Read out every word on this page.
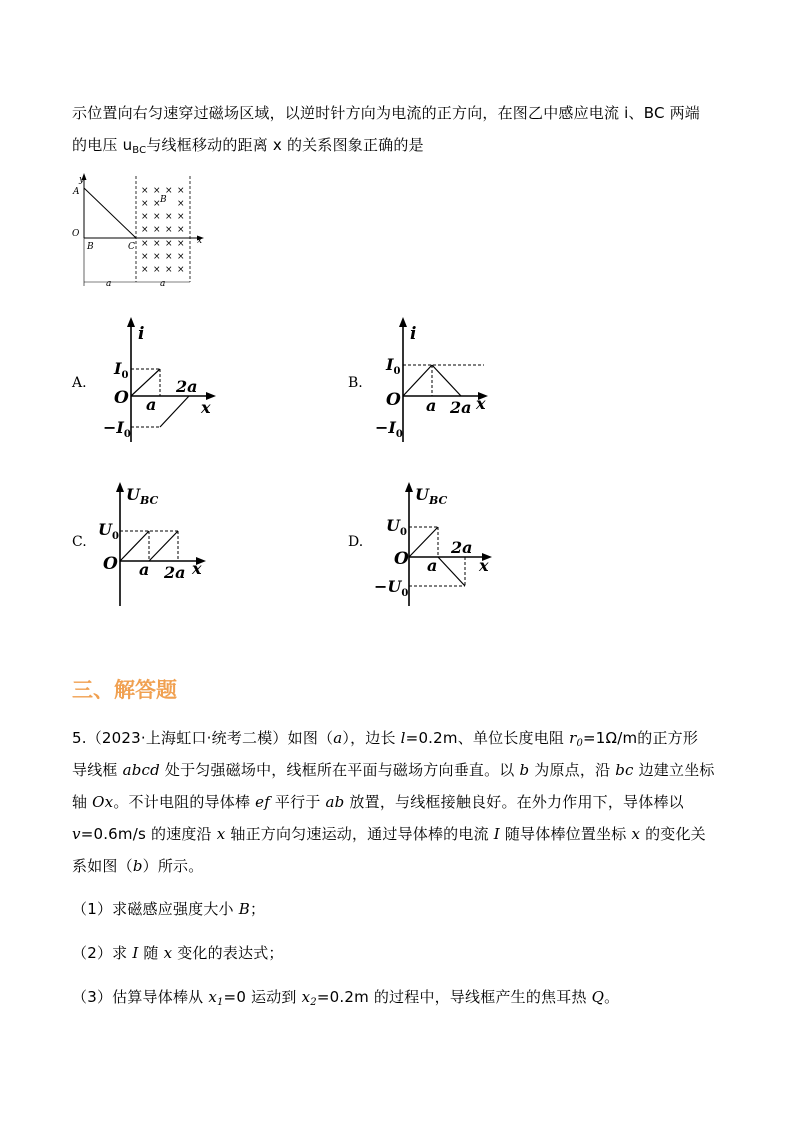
示位置向右匀速穿过磁场区域，以逆时针方向为电流的正方向，在图乙中感应电流 i、BC 两端
的电压 $u_{BC}$与线框移动的距离 x 的关系图象正确的是
× × × ×
× × ×
× × × ×
× × × ×
× × × ×
× × × ×
× × × ×
y
A
O
B	C
x
B
a	a
A.
i
$I_0$
$-I_0$
O a
2a
x
B.
i
$I_0$
$-I_0$
O a 2a x
C.
$U_{BC}$
$U_0$
O a 2a x
D.
$U_{BC}$
$U_0$
$-U_0$
O a
2a
x
三、解答题
5.（2023·上海虹口·统考二模）如图（a），边长 l=0.2m、单位长度电阻 $r_0=1\Omega/m$的正方形
导线框 abcd 处于匀强磁场中，线框所在平面与磁场方向垂直。以 b 为原点，沿 bc 边建立坐标
轴 Ox。不计电阻的导体棒 ef 平行于 ab 放置，与线框接触良好。在外力作用下，导体棒以
v=0.6m/s 的速度沿 x 轴正方向匀速运动，通过导体棒的电流 I 随导体棒位置坐标 x 的变化关
系如图（b）所示。
（1）求磁感应强度大小 B；
（2）求 I 随 x 变化的表达式；
（3）估算导体棒从 $x_1=0$ 运动到 $x_2=0.2m$ 的过程中，导线框产生的焦耳热 Q。
